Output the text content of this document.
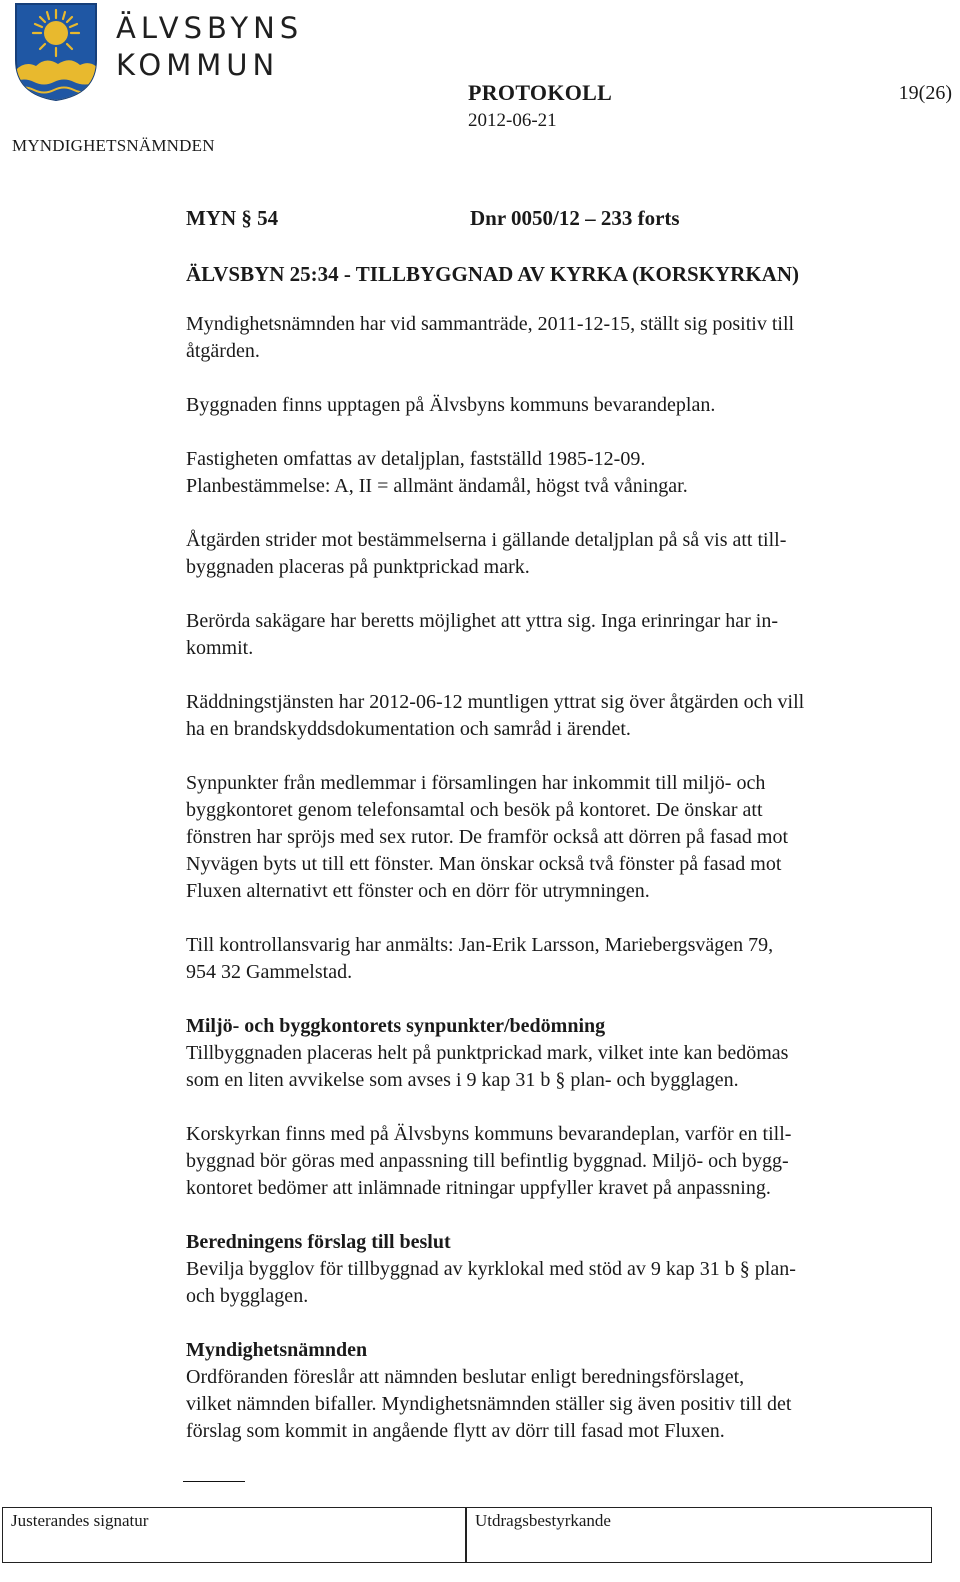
ÄLVSBYNS
KOMMUN
MYNDIGHETSNÄMNDEN
PROTOKOLL
2012-06-21
19(26)
MYN § 54	Dnr 0050/12 – 233 forts
ÄLVSBYN 25:34 - TILLBYGGNAD AV KYRKA (KORSKYRKAN)

Myndighetsnämnden har vid sammanträde, 2011-12-15, ställt sig positiv till
åtgärden.

Byggnaden finns upptagen på Älvsbyns kommuns bevarandeplan.

Fastigheten omfattas av detaljplan, fastställd 1985-12-09.
Planbestämmelse: A, II = allmänt ändamål, högst två våningar.

Åtgärden strider mot bestämmelserna i gällande detaljplan på så vis att till-
byggnaden placeras på punktprickad mark.

Berörda sakägare har beretts möjlighet att yttra sig. Inga erinringar har in-
kommit.

Räddningstjänsten har 2012-06-12 muntligen yttrat sig över åtgärden och vill
ha en brandskyddsdokumentation och samråd i ärendet.

Synpunkter från medlemmar i församlingen har inkommit till miljö- och
byggkontoret genom telefonsamtal och besök på kontoret. De önskar att
fönstren har spröjs med sex rutor. De framför också att dörren på fasad mot
Nyvägen byts ut till ett fönster. Man önskar också två fönster på fasad mot
Fluxen alternativt ett fönster och en dörr för utrymningen.

Till kontrollansvarig har anmälts: Jan-Erik Larsson, Mariebergsvägen 79,
954 32 Gammelstad.

Miljö- och byggkontorets synpunkter/bedömning

Tillbyggnaden placeras helt på punktprickad mark, vilket inte kan bedömas
som en liten avvikelse som avses i 9 kap 31 b § plan- och bygglagen.

Korskyrkan finns med på Älvsbyns kommuns bevarandeplan, varför en till-
byggnad bör göras med anpassning till befintlig byggnad. Miljö- och bygg-
kontoret bedömer att inlämnade ritningar uppfyller kravet på anpassning.

Beredningens förslag till beslut

Bevilja bygglov för tillbyggnad av kyrklokal med stöd av 9 kap 31 b § plan-
och bygglagen.

Myndighetsnämnden

Ordföranden föreslår att nämnden beslutar enligt beredningsförslaget,
vilket nämnden bifaller. Myndighetsnämnden ställer sig även positiv till det
förslag som kommit in angående flytt av dörr till fasad mot Fluxen.

Justerandes signatur	Utdragsbestyrkande
